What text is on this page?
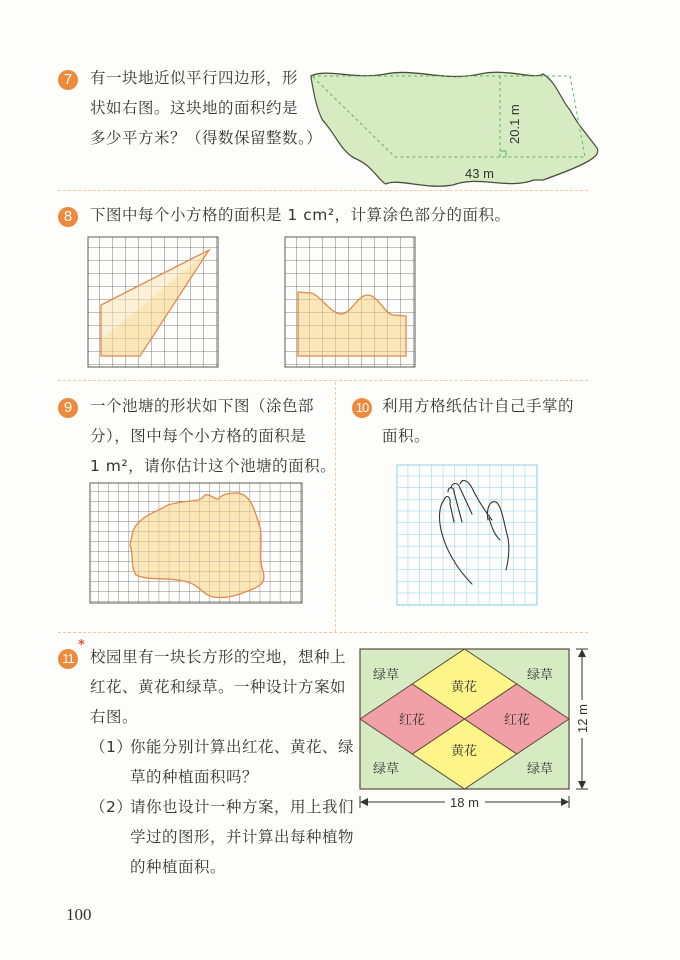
7	有一块地近似平行四边形，形
状如右图。这块地的面积约是
多少平方米？（得数保留整数。）	20.1 m
43 m
8	下图中每个小方格的面积是 1 cm²，计算涂色部分的面积。
9	一个池塘的形状如下图（涂色部
分），图中每个小方格的面积是
1 m²，请你估计这个池塘的面积。
10 利用方格纸估计自己手掌的
面积。
11
*
校园里有一块长方形的空地，想种上
红花、黄花和绿草。一种设计方案如
右图。
（1）
你能分别计算出红花、黄花、绿
草的种植面积吗？
（2）
请你也设计一种方案，用上我们
学过的图形，并计算出每种植物
的种植面积。
绿草	绿草
绿草	绿草
黄花
黄花
红花	红花	12 m
18 m
100
